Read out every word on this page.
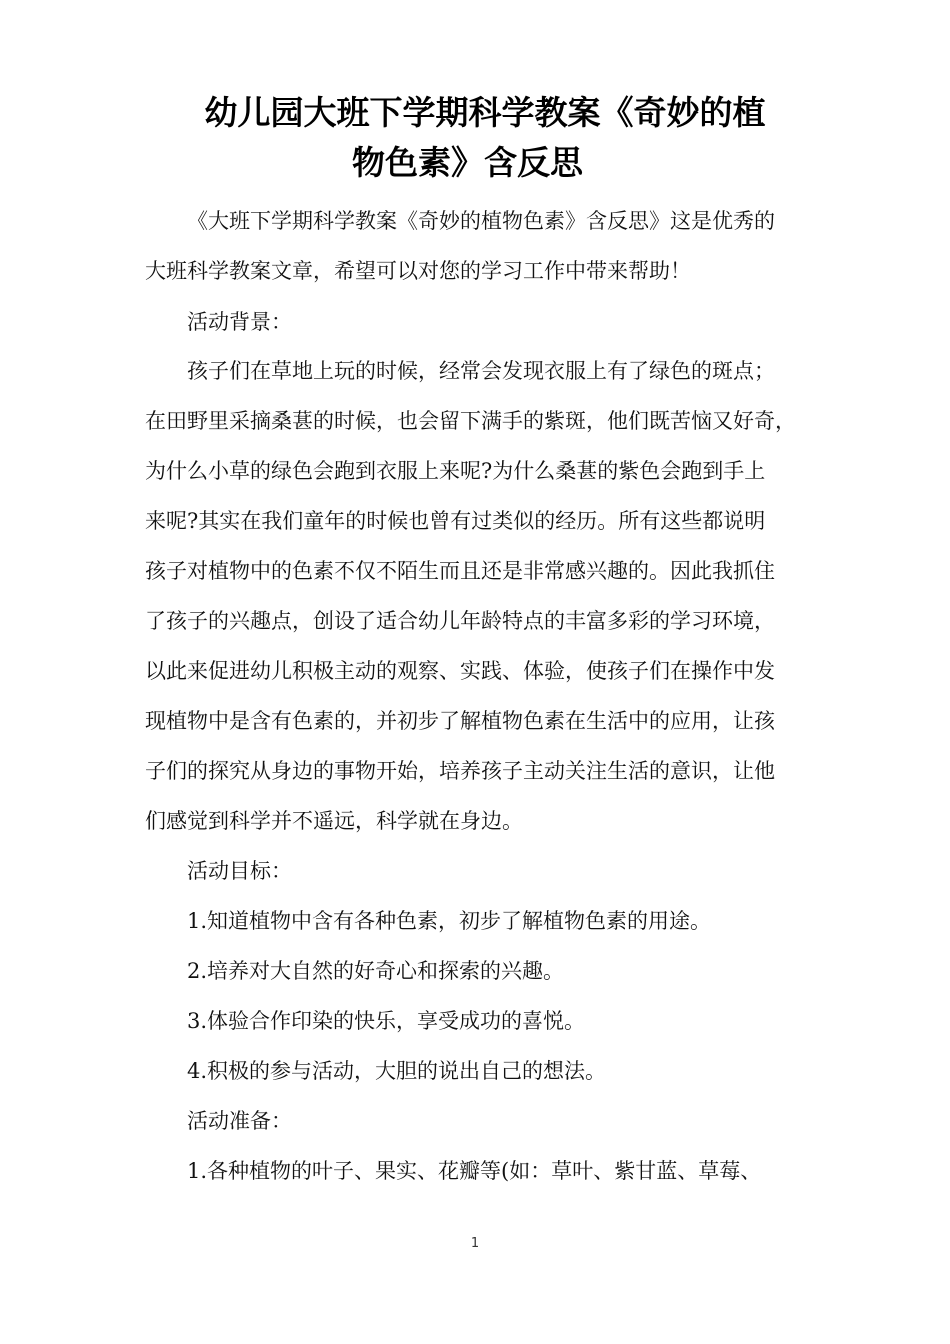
幼儿园大班下学期科学教案《奇妙的植
物色素》含反思

《大班下学期科学教案《奇妙的植物色素》含反思》这是优秀的

大班科学教案文章，希望可以对您的学习工作中带来帮助！

活动背景：

孩子们在草地上玩的时候，经常会发现衣服上有了绿色的斑点；

在田野里采摘桑葚的时候，也会留下满手的紫斑，他们既苦恼又好奇，

为什么小草的绿色会跑到衣服上来呢?为什么桑葚的紫色会跑到手上

来呢?其实在我们童年的时候也曾有过类似的经历。所有这些都说明

孩子对植物中的色素不仅不陌生而且还是非常感兴趣的。因此我抓住

了孩子的兴趣点，创设了适合幼儿年龄特点的丰富多彩的学习环境，

以此来促进幼儿积极主动的观察、实践、体验，使孩子们在操作中发

现植物中是含有色素的，并初步了解植物色素在生活中的应用，让孩

子们的探究从身边的事物开始，培养孩子主动关注生活的意识，让他

们感觉到科学并不遥远，科学就在身边。

活动目标：

1.知道植物中含有各种色素，初步了解植物色素的用途。

2.培养对大自然的好奇心和探索的兴趣。

3.体验合作印染的快乐，享受成功的喜悦。

4.积极的参与活动，大胆的说出自己的想法。

活动准备：

1.各种植物的叶子、果实、花瓣等(如：草叶、紫甘蓝、草莓、

1
